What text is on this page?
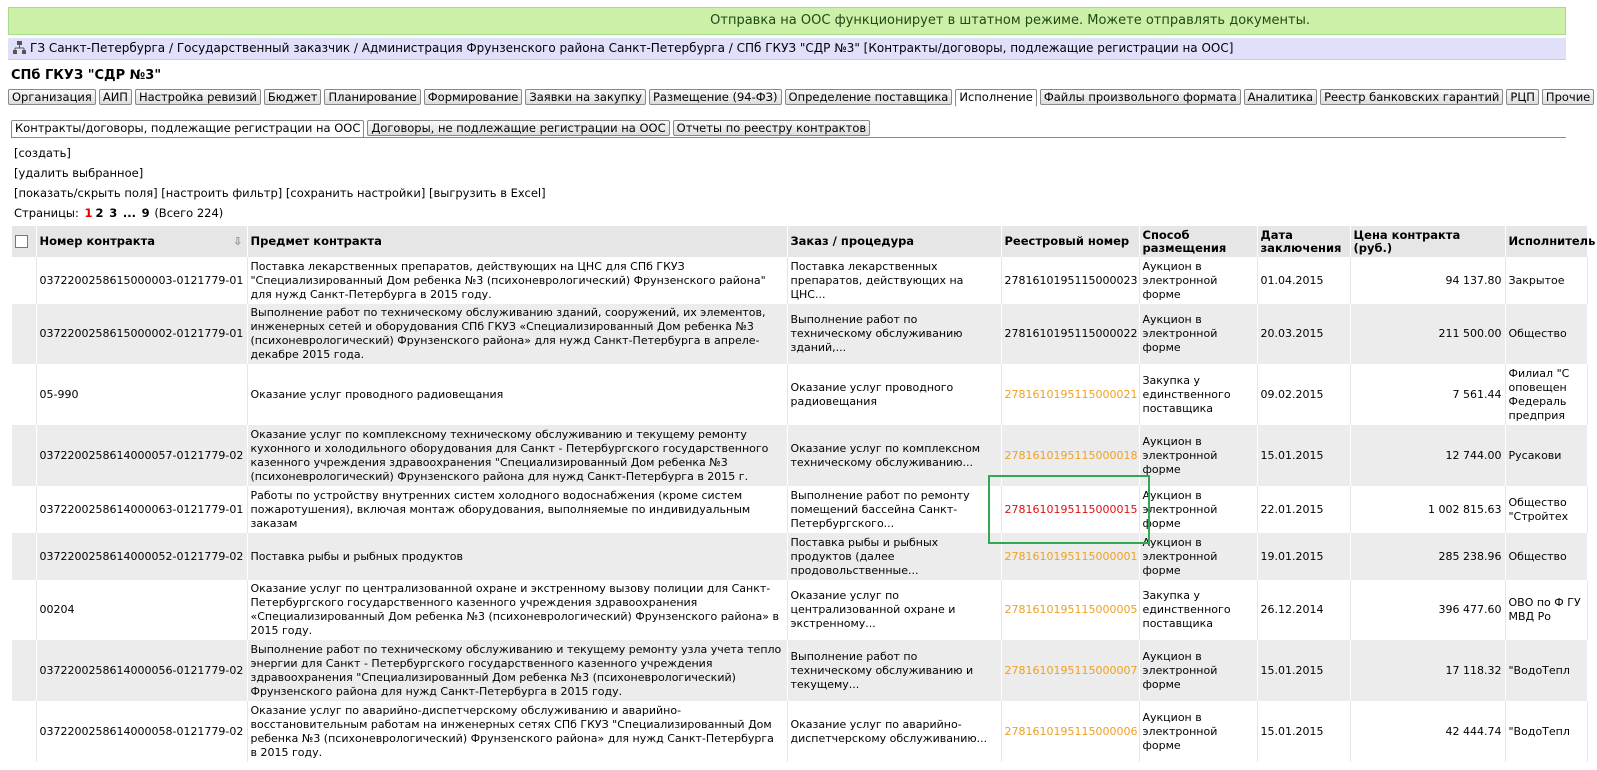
Отправка на ООС функционирует в штатном режиме. Можете отправлять документы.
ГЗ Санкт-Петербурга / Государственный заказчик / Администрация Фрунзенского района Санкт-Петербурга / СПб ГКУЗ "СДР №3" [Контракты/договоры, подлежащие регистрации на ООС]
СПб ГКУЗ "СДР №3"
Организация АИП Настройка ревизий Бюджет Планирование Формирование Заявки на закупку Размещение (94-ФЗ) Определение поставщика Исполнение Файлы произвольного формата Аналитика Реестр банковских гарантий РЦП Прочие
Контракты/договоры, подлежащие регистрации на ООС Договоры, не подлежащие регистрации на ООС Отчеты по реестру контрактов
[создать]
[удалить выбранное]
[показать/скрыть поля] [настроить фильтр] [сохранить настройки] [выгрузить в Excel]
Страницы: 1 2 3 ... 9 (Всего 224)
	Номер контракта ⇩	Предмет контракта	Заказ / процедура	Реестровый номер	Способ размещения	Дата заключения	Цена контракта (руб.)	Исполнитель
	0372200258615000003-0121779-01	Поставка лекарственных препаратов, действующих на ЦНС для СПб ГКУЗ "Специализированный Дом ребенка №3 (психоневрологический) Фрунзенского района" для нужд Санкт-Петербурга в 2015 году.	Поставка лекарственных препаратов, действующих на ЦНС...	2781610195115000023	Аукцион в электронной форме	01.04.2015	94 137.80	Закрытое

	0372200258615000002-0121779-01	Выполнение работ по техническому обслуживанию зданий, сооружений, их элементов, инженерных сетей и оборудования СПб ГКУЗ «Специализированный Дом ребенка №3 (психоневрологический) Фрунзенского района» для нужд Санкт-Петербурга в апреле-декабре 2015 года.	Выполнение работ по техническому обслуживанию зданий,...	2781610195115000022	Аукцион в электронной форме	20.03.2015	211 500.00	Общество

	05-990	Оказание услуг проводного радиовещания	Оказание услуг проводного радиовещания	2781610195115000021	Закупка у единственного поставщика	09.02.2015	7 561.44	Филиал "С оповещен Федераль предприя

	0372200258614000057-0121779-02	Оказание услуг по комплексному техническому обслуживанию и текущему ремонту кухонного и холодильного оборудования для Санкт - Петербургского государственного казенного учреждения здравоохранения "Специализированный Дом ребенка №3 (психоневрологический) Фрунзенского района для нужд Санкт-Петербурга в 2015 г.	Оказание услуг по комплексном техническому обслуживанию...	2781610195115000018	Аукцион в электронной форме	15.01.2015	12 744.00	Русакови

	0372200258614000063-0121779-01	Работы по устройству внутренних систем холодного водоснабжения (кроме систем пожаротушения), включая монтаж оборудования, выполняемые по индивидуальным заказам	Выполнение работ по ремонту помещений бассейна Санкт-Петербургского...	2781610195115000015	Аукцион в электронной форме	22.01.2015	1 002 815.63	Общество "Стройтех

	0372200258614000052-0121779-02	Поставка рыбы и рыбных продуктов	Поставка рыбы и рыбных продуктов (далее продовольственные...	2781610195115000001	Аукцион в электронной форме	19.01.2015	285 238.96	Общество

	00204	Оказание услуг по централизованной охране и экстренному вызову полиции для Санкт-Петербургского государственного казенного учреждения здравоохранения «Специализированный Дом ребенка №3 (психоневрологический) Фрунзенского района» в 2015 году.	Оказание услуг по централизованной охране и экстренному...	2781610195115000005	Закупка у единственного поставщика	26.12.2014	396 477.60	ОВО по Ф ГУ МВД Ро

	0372200258614000056-0121779-02	Выполнение работ по техническому обслуживанию и текущему ремонту узла учета тепло энергии для Санкт - Петербургского государственного казенного учреждения здравоохранения "Специализированный Дом ребенка №3 (психоневрологический) Фрунзенского района для нужд Санкт-Петербурга в 2015 году.	Выполнение работ по техническому обслуживанию и текущему...	2781610195115000007	Аукцион в электронной форме	15.01.2015	17 118.32	"ВодоТепл

	0372200258614000058-0121779-02	Оказание услуг по аварийно-диспетчерскому обслуживанию и аварийно-восстановительным работам на инженерных сетях СПб ГКУЗ "Специализированный Дом ребенка №3 (психоневрологический) Фрунзенского района» для нужд Санкт-Петербурга в 2015 году.	Оказание услуг по аварийно-диспетчерскому обслуживанию...	2781610195115000006	Аукцион в электронной форме	15.01.2015	42 444.74	"ВодоТепл
